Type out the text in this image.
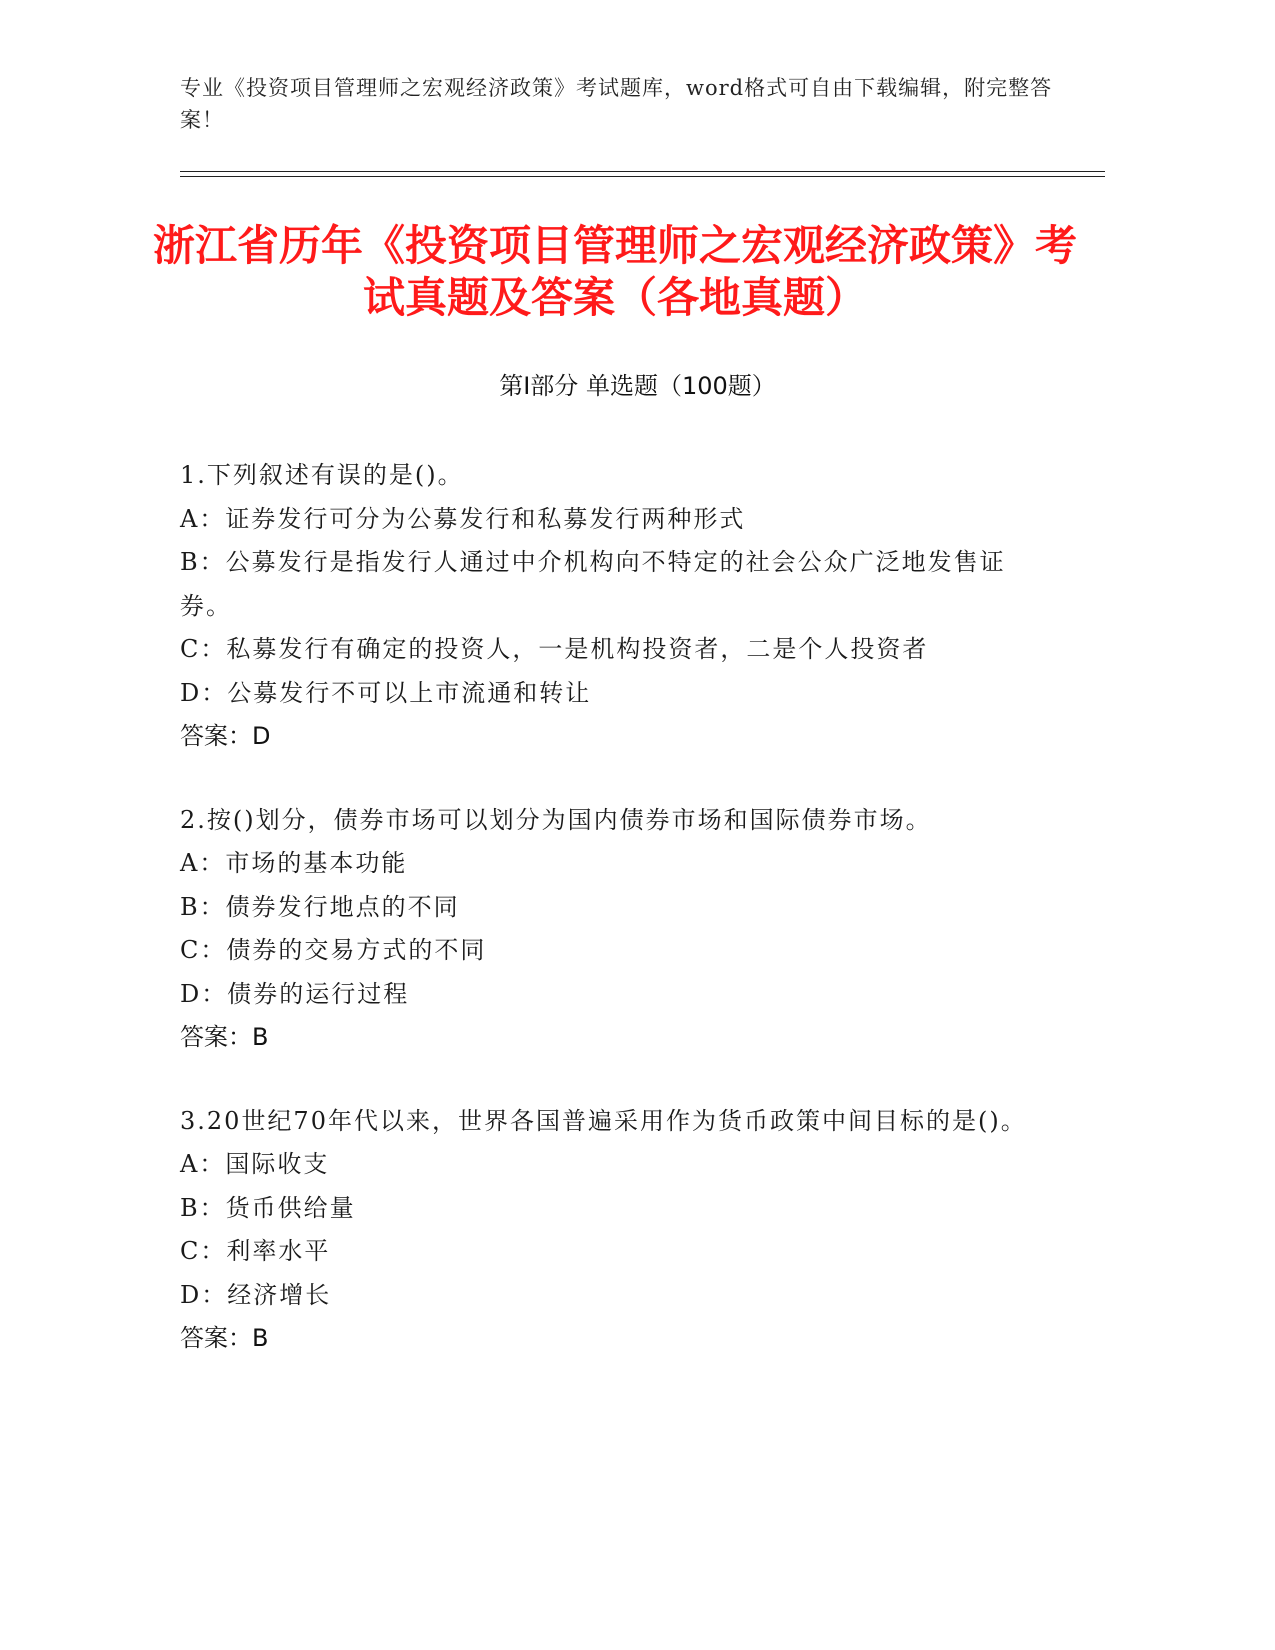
专业《投资项目管理师之宏观经济政策》考试题库，word格式可自由下载编辑，附完整答案！
浙江省历年《投资项目管理师之宏观经济政策》考试真题及答案（各地真题）
第Ⅰ部分 单选题（100题）
1.下列叙述有误的是()。
A：证券发行可分为公募发行和私募发行两种形式
B：公募发行是指发行人通过中介机构向不特定的社会公众广泛地发售证券。
C：私募发行有确定的投资人，一是机构投资者，二是个人投资者
D：公募发行不可以上市流通和转让
答案：D
2.按()划分，债券市场可以划分为国内债券市场和国际债券市场。
A：市场的基本功能
B：债券发行地点的不同
C：债券的交易方式的不同
D：债券的运行过程
答案：B
3.20世纪70年代以来，世界各国普遍采用作为货币政策中间目标的是()。
A：国际收支
B：货币供给量
C：利率水平
D：经济增长
答案：B
